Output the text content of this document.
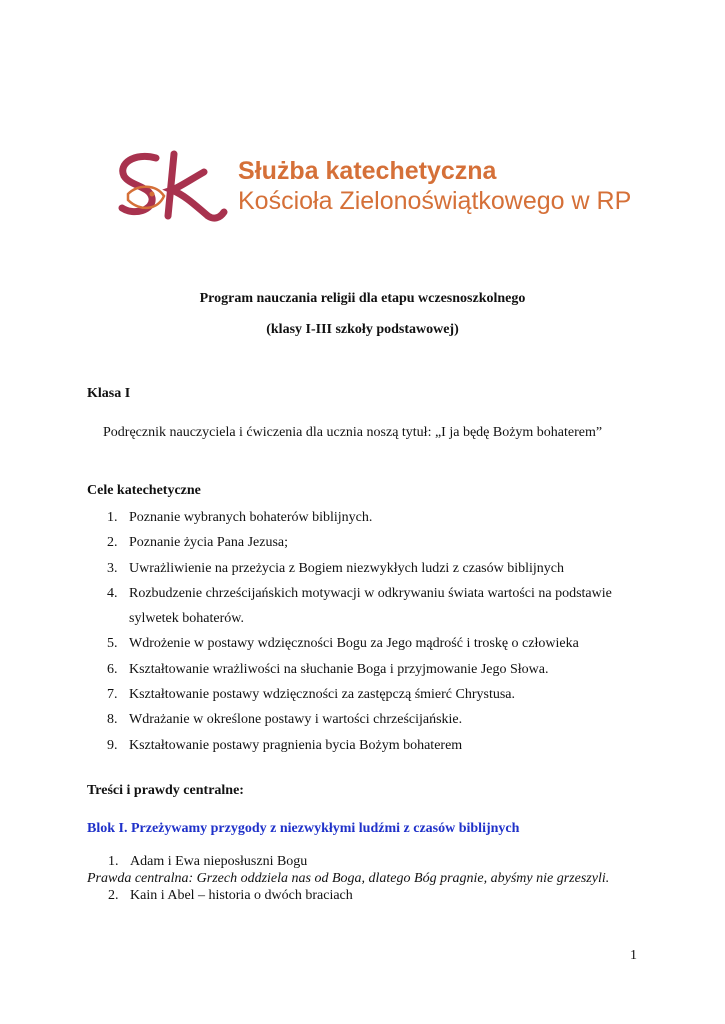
Służba katechetyczna
Kościoła Zielonoświątkowego w RP
Program nauczania religii dla etapu wczesnoszkolnego
(klasy I-III szkoły podstawowej)
Klasa I
Podręcznik nauczyciela i ćwiczenia dla ucznia noszą tytuł: „I ja będę Bożym bohaterem”
Cele katechetyczne
1. Poznanie wybranych bohaterów biblijnych.
2. Poznanie życia Pana Jezusa;
3. Uwrażliwienie na przeżycia z Bogiem niezwykłych ludzi z czasów biblijnych
4. Rozbudzenie chrześcijańskich motywacji w odkrywaniu świata wartości na podstawie sylwetek bohaterów.
5. Wdrożenie w postawy wdzięczności Bogu za Jego mądrość i troskę o człowieka
6. Kształtowanie wrażliwości na słuchanie Boga i przyjmowanie Jego Słowa.
7. Kształtowanie postawy wdzięczności za zastępczą śmierć Chrystusa.
8. Wdrażanie w określone postawy i wartości chrześcijańskie.
9. Kształtowanie postawy pragnienia bycia Bożym bohaterem
Treści i prawdy centralne:
Blok I. Przeżywamy przygody z niezwykłymi ludźmi z czasów biblijnych
1. Adam i Ewa nieposłuszni Bogu
Prawda centralna: Grzech oddziela nas od Boga, dlatego Bóg pragnie, abyśmy nie grzeszyli.
2. Kain i Abel – historia o dwóch braciach
1
